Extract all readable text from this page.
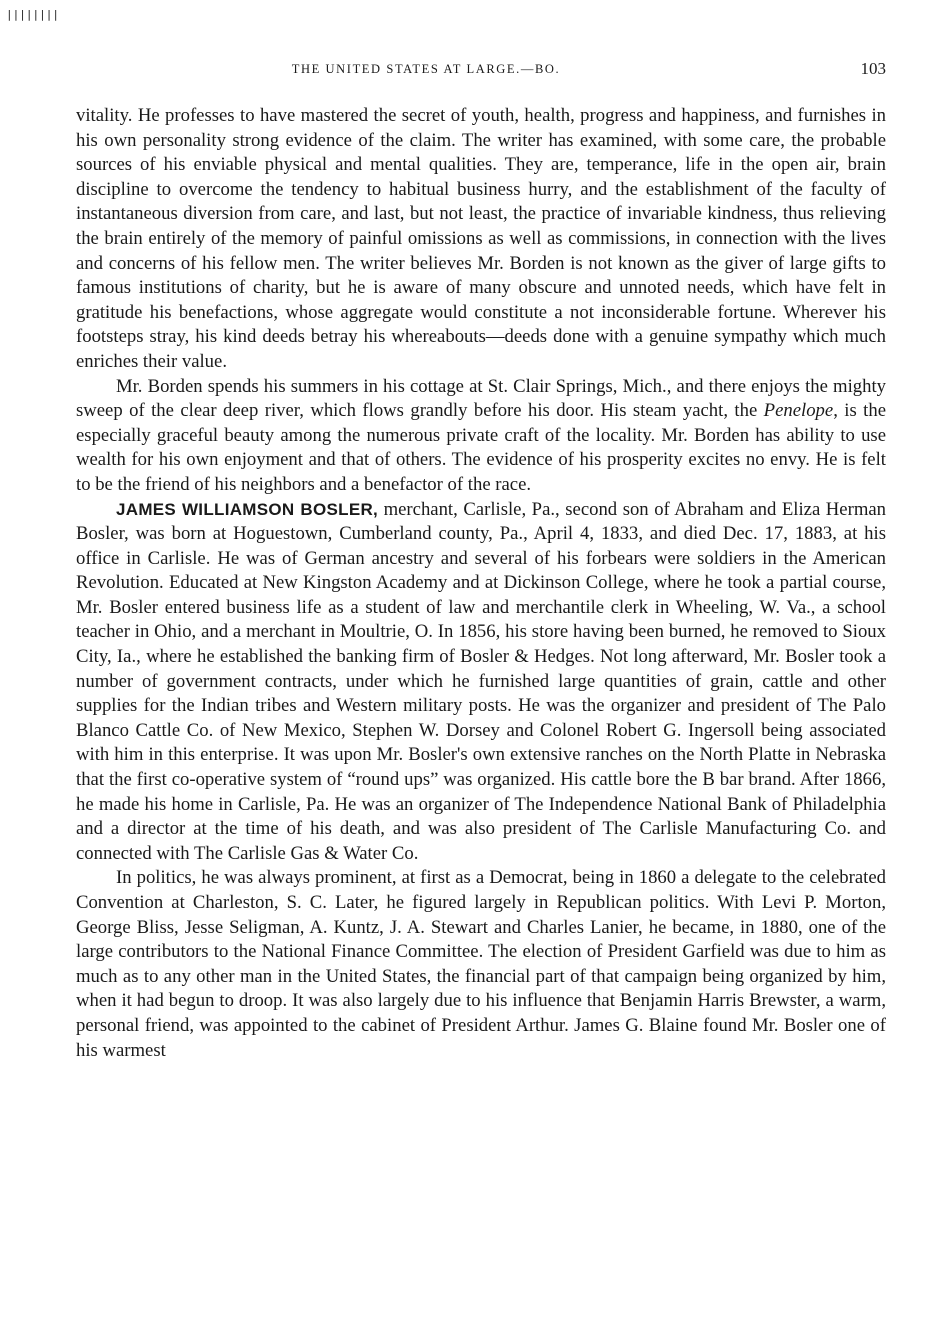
||||||||
THE UNITED STATES AT LARGE.—BO.	103

vitality. He professes to have mastered the secret of youth, health, progress and happiness, and furnishes in his own personality strong evidence of the claim. The writer has examined, with some care, the probable sources of his enviable physical and mental qualities. They are, temperance, life in the open air, brain discipline to overcome the tendency to habitual business hurry, and the establishment of the faculty of instantaneous diversion from care, and last, but not least, the practice of invariable kindness, thus relieving the brain entirely of the memory of painful omissions as well as commissions, in connection with the lives and concerns of his fellow men. The writer believes Mr. Borden is not known as the giver of large gifts to famous institutions of charity, but he is aware of many obscure and unnoted needs, which have felt in gratitude his benefactions, whose aggregate would constitute a not inconsiderable fortune. Wherever his footsteps stray, his kind deeds betray his whereabouts—deeds done with a genuine sympathy which much enriches their value.

Mr. Borden spends his summers in his cottage at St. Clair Springs, Mich., and there enjoys the mighty sweep of the clear deep river, which flows grandly before his door. His steam yacht, the Penelope, is the especially graceful beauty among the numerous private craft of the locality. Mr. Borden has ability to use wealth for his own enjoyment and that of others. The evidence of his prosperity excites no envy. He is felt to be the friend of his neighbors and a benefactor of the race.

JAMES WILLIAMSON BOSLER, merchant, Carlisle, Pa., second son of Abraham and Eliza Herman Bosler, was born at Hoguestown, Cumberland county, Pa., April 4, 1833, and died Dec. 17, 1883, at his office in Carlisle. He was of German ancestry and several of his forbears were soldiers in the American Revolution. Educated at New Kingston Academy and at Dickinson College, where he took a partial course, Mr. Bosler entered business life as a student of law and merchantile clerk in Wheeling, W. Va., a school teacher in Ohio, and a merchant in Moultrie, O. In 1856, his store having been burned, he removed to Sioux City, Ia., where he established the banking firm of Bosler & Hedges. Not long afterward, Mr. Bosler took a number of government contracts, under which he furnished large quantities of grain, cattle and other supplies for the Indian tribes and Western military posts. He was the organizer and president of The Palo Blanco Cattle Co. of New Mexico, Stephen W. Dorsey and Colonel Robert G. Ingersoll being associated with him in this enterprise. It was upon Mr. Bosler's own extensive ranches on the North Platte in Nebraska that the first co-operative system of “round ups” was organized. His cattle bore the B bar brand. After 1866, he made his home in Carlisle, Pa. He was an organizer of The Independence National Bank of Philadelphia and a director at the time of his death, and was also president of The Carlisle Manufacturing Co. and connected with The Carlisle Gas & Water Co.

In politics, he was always prominent, at first as a Democrat, being in 1860 a delegate to the celebrated Convention at Charleston, S. C. Later, he figured largely in Republican politics. With Levi P. Morton, George Bliss, Jesse Seligman, A. Kuntz, J. A. Stewart and Charles Lanier, he became, in 1880, one of the large contributors to the National Finance Committee. The election of President Garfield was due to him as much as to any other man in the United States, the financial part of that campaign being organized by him, when it had begun to droop. It was also largely due to his influence that Benjamin Harris Brewster, a warm, personal friend, was appointed to the cabinet of President Arthur. James G. Blaine found Mr. Bosler one of his warmest
